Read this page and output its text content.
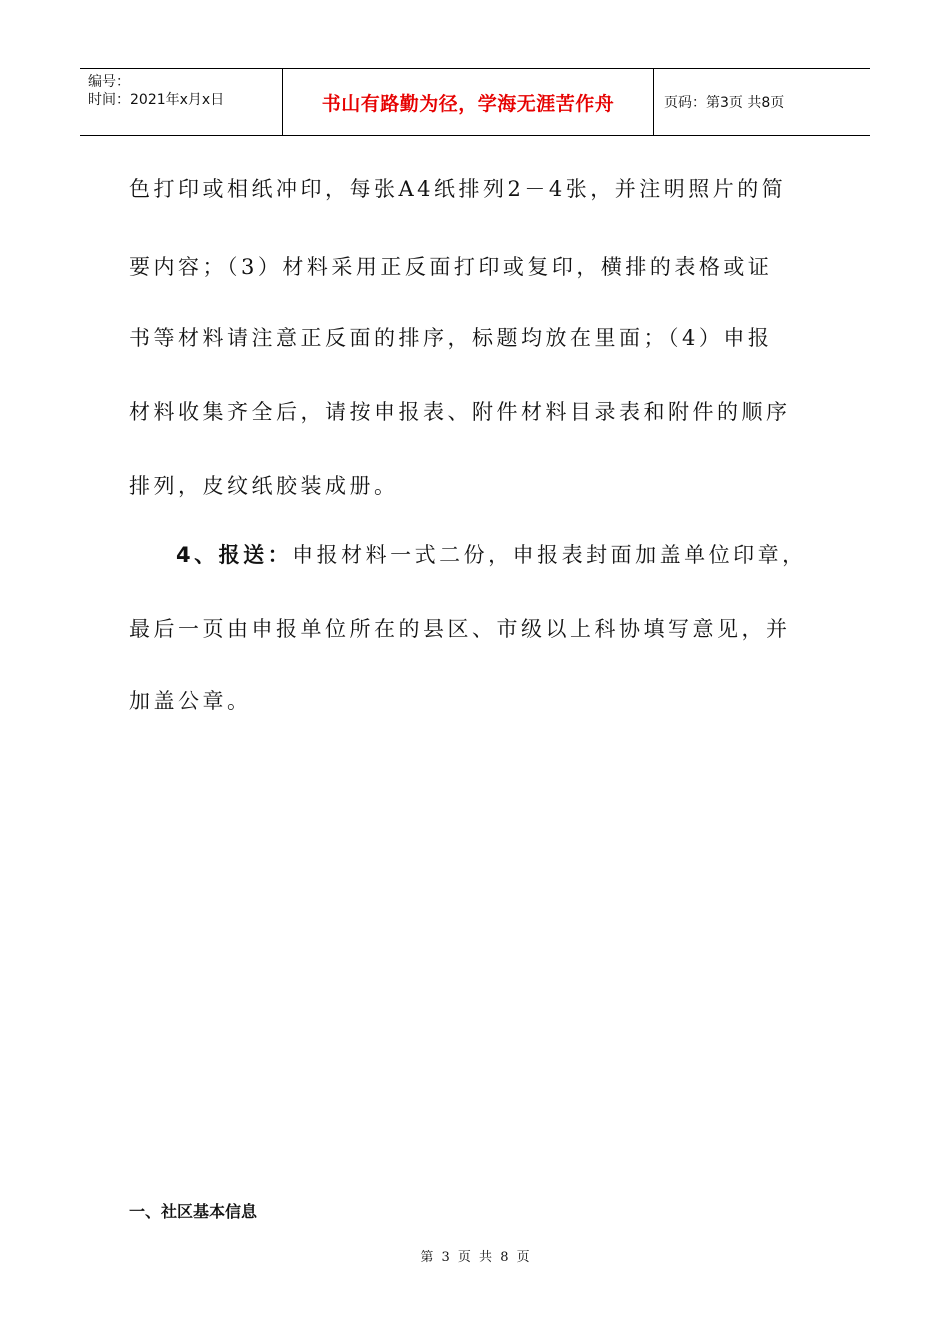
编号：
时间：2021年x月x日	书山有路勤为径，学海无涯苦作舟	页码：第3页 共8页
色打印或相纸冲印，每张A4纸排列2－4张，并注明照片的简
要内容；（3）材料采用正反面打印或复印，横排的表格或证
书等材料请注意正反面的排序，标题均放在里面；（4）申报
材料收集齐全后，请按申报表、附件材料目录表和附件的顺序
排列，皮纹纸胶装成册。
4、报送：申报材料一式二份，申报表封面加盖单位印章，
最后一页由申报单位所在的县区、市级以上科协填写意见，并
加盖公章。
一、社区基本信息
第 3 页 共 8 页
